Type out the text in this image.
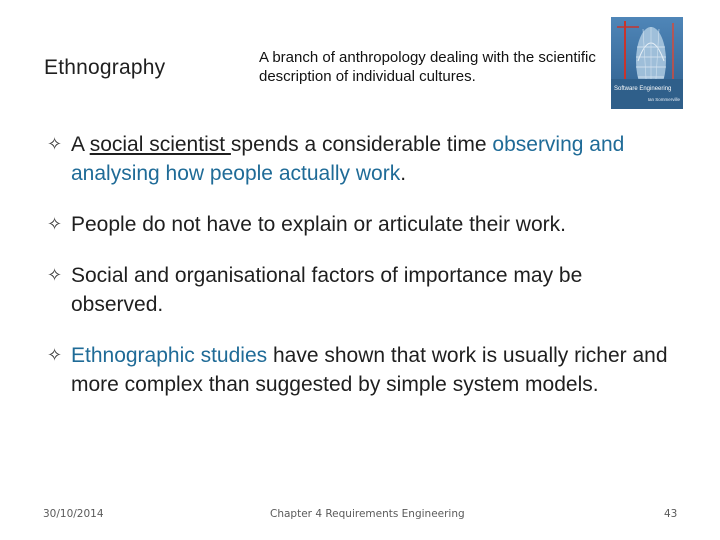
Ethnography	A branch of anthropology dealing with the scientific description of individual cultures.
Software Engineering
Ian Sommerville
✧ A social scientist spends a considerable time observing and analysing how people actually work.
✧ People do not have to explain or articulate their work.
✧ Social and organisational factors of importance may be observed.
✧ Ethnographic studies have shown that work is usually richer and more complex than suggested by simple system models.
30/10/2014	Chapter 4 Requirements Engineering	43
